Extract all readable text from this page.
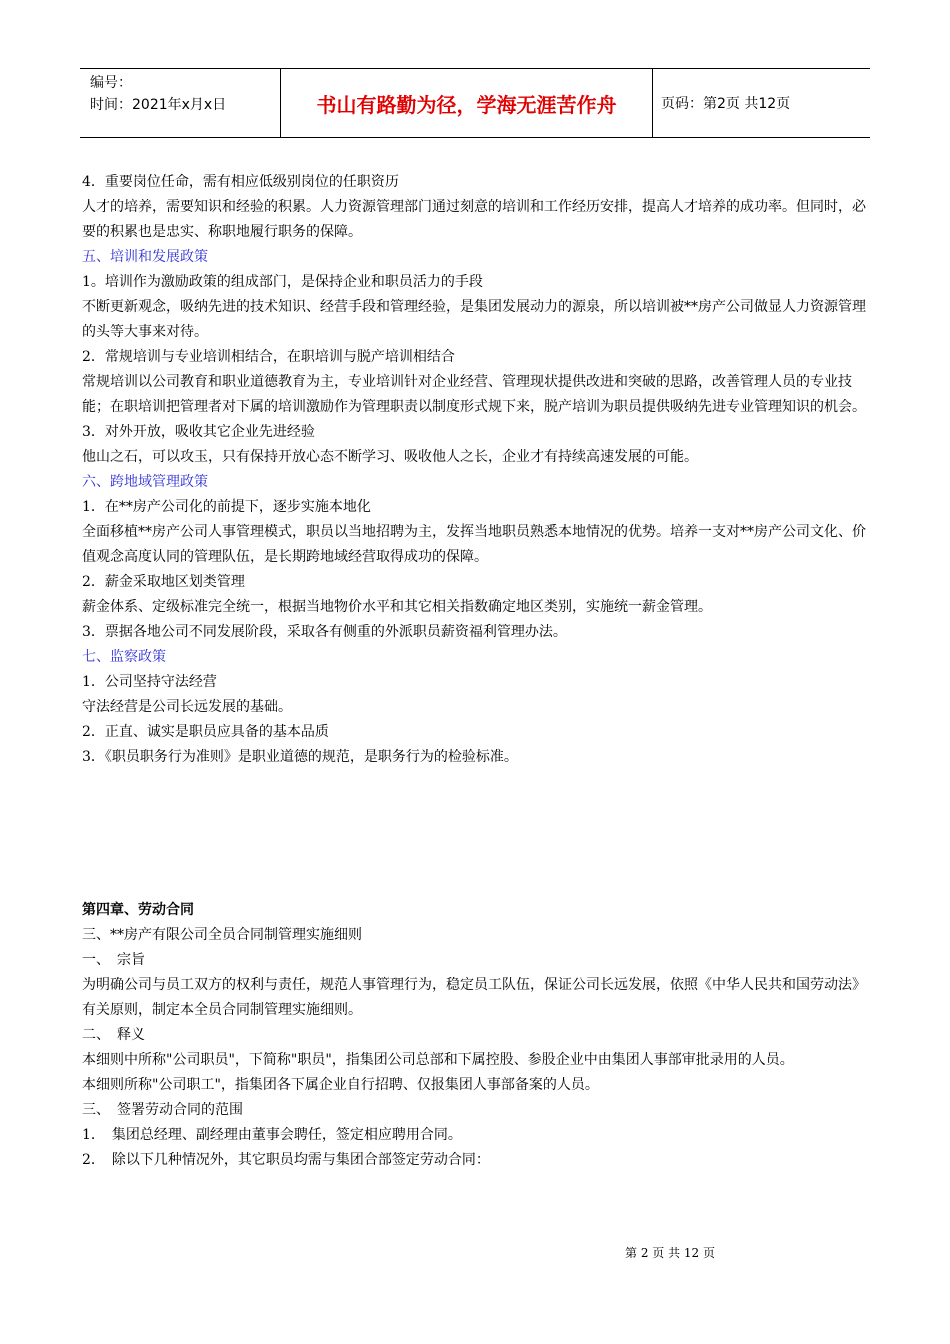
编号：
时间：2021年x月x日	书山有路勤为径，学海无涯苦作舟	页码：第2页 共12页

4．重要岗位任命，需有相应低级别岗位的任职资历

人才的培养，需要知识和经验的积累。人力资源管理部门通过刻意的培训和工作经历安排，提高人才培养的成功率。但同时，必要的积累也是忠实、称职地履行职务的保障。

五、培训和发展政策

1。培训作为激励政策的组成部门，是保持企业和职员活力的手段

不断更新观念，吸纳先进的技术知识、经营手段和管理经验，是集团发展动力的源泉，所以培训被**房产公司做显人力资源管理的头等大事来对待。

2．常规培训与专业培训相结合，在职培训与脱产培训相结合

常规培训以公司教育和职业道德教育为主，专业培训针对企业经营、管理现状提供改进和突破的思路，改善管理人员的专业技能；在职培训把管理者对下属的培训激励作为管理职责以制度形式规下来，脱产培训为职员提供吸纳先进专业管理知识的机会。

3．对外开放，吸收其它企业先进经验

他山之石，可以攻玉，只有保持开放心态不断学习、吸收他人之长，企业才有持续高速发展的可能。

六、跨地域管理政策

1．在**房产公司化的前提下，逐步实施本地化

全面移植**房产公司人事管理模式，职员以当地招聘为主，发挥当地职员熟悉本地情况的优势。培养一支对**房产公司文化、价值观念高度认同的管理队伍，是长期跨地域经营取得成功的保障。

2．薪金采取地区划类管理

薪金体系、定级标准完全统一，根据当地物价水平和其它相关指数确定地区类别，实施统一薪金管理。

3．票据各地公司不同发展阶段，采取各有侧重的外派职员薪资福利管理办法。

七、监察政策

1．公司坚持守法经营

守法经营是公司长远发展的基础。

2．正直、诚实是职员应具备的基本品质

3．《职员职务行为准则》是职业道德的规范，是职务行为的检验标准。

第四章、劳动合同

三、**房产有限公司全员合同制管理实施细则

一、　宗旨

为明确公司与员工双方的权利与责任，规范人事管理行为，稳定员工队伍，保证公司长远发展，依照《中华人民共和国劳动法》有关原则，制定本全员合同制管理实施细则。

二、　释义

本细则中所称"公司职员"，下简称"职员"，指集团公司总部和下属控股、参股企业中由集团人事部审批录用的人员。

本细则所称"公司职工"，指集团各下属企业自行招聘、仅报集团人事部备案的人员。

三、　签署劳动合同的范围

1．　集团总经理、副经理由董事会聘任，签定相应聘用合同。

2．　除以下几种情况外，其它职员均需与集团合部签定劳动合同：

第 2 页 共 12 页
